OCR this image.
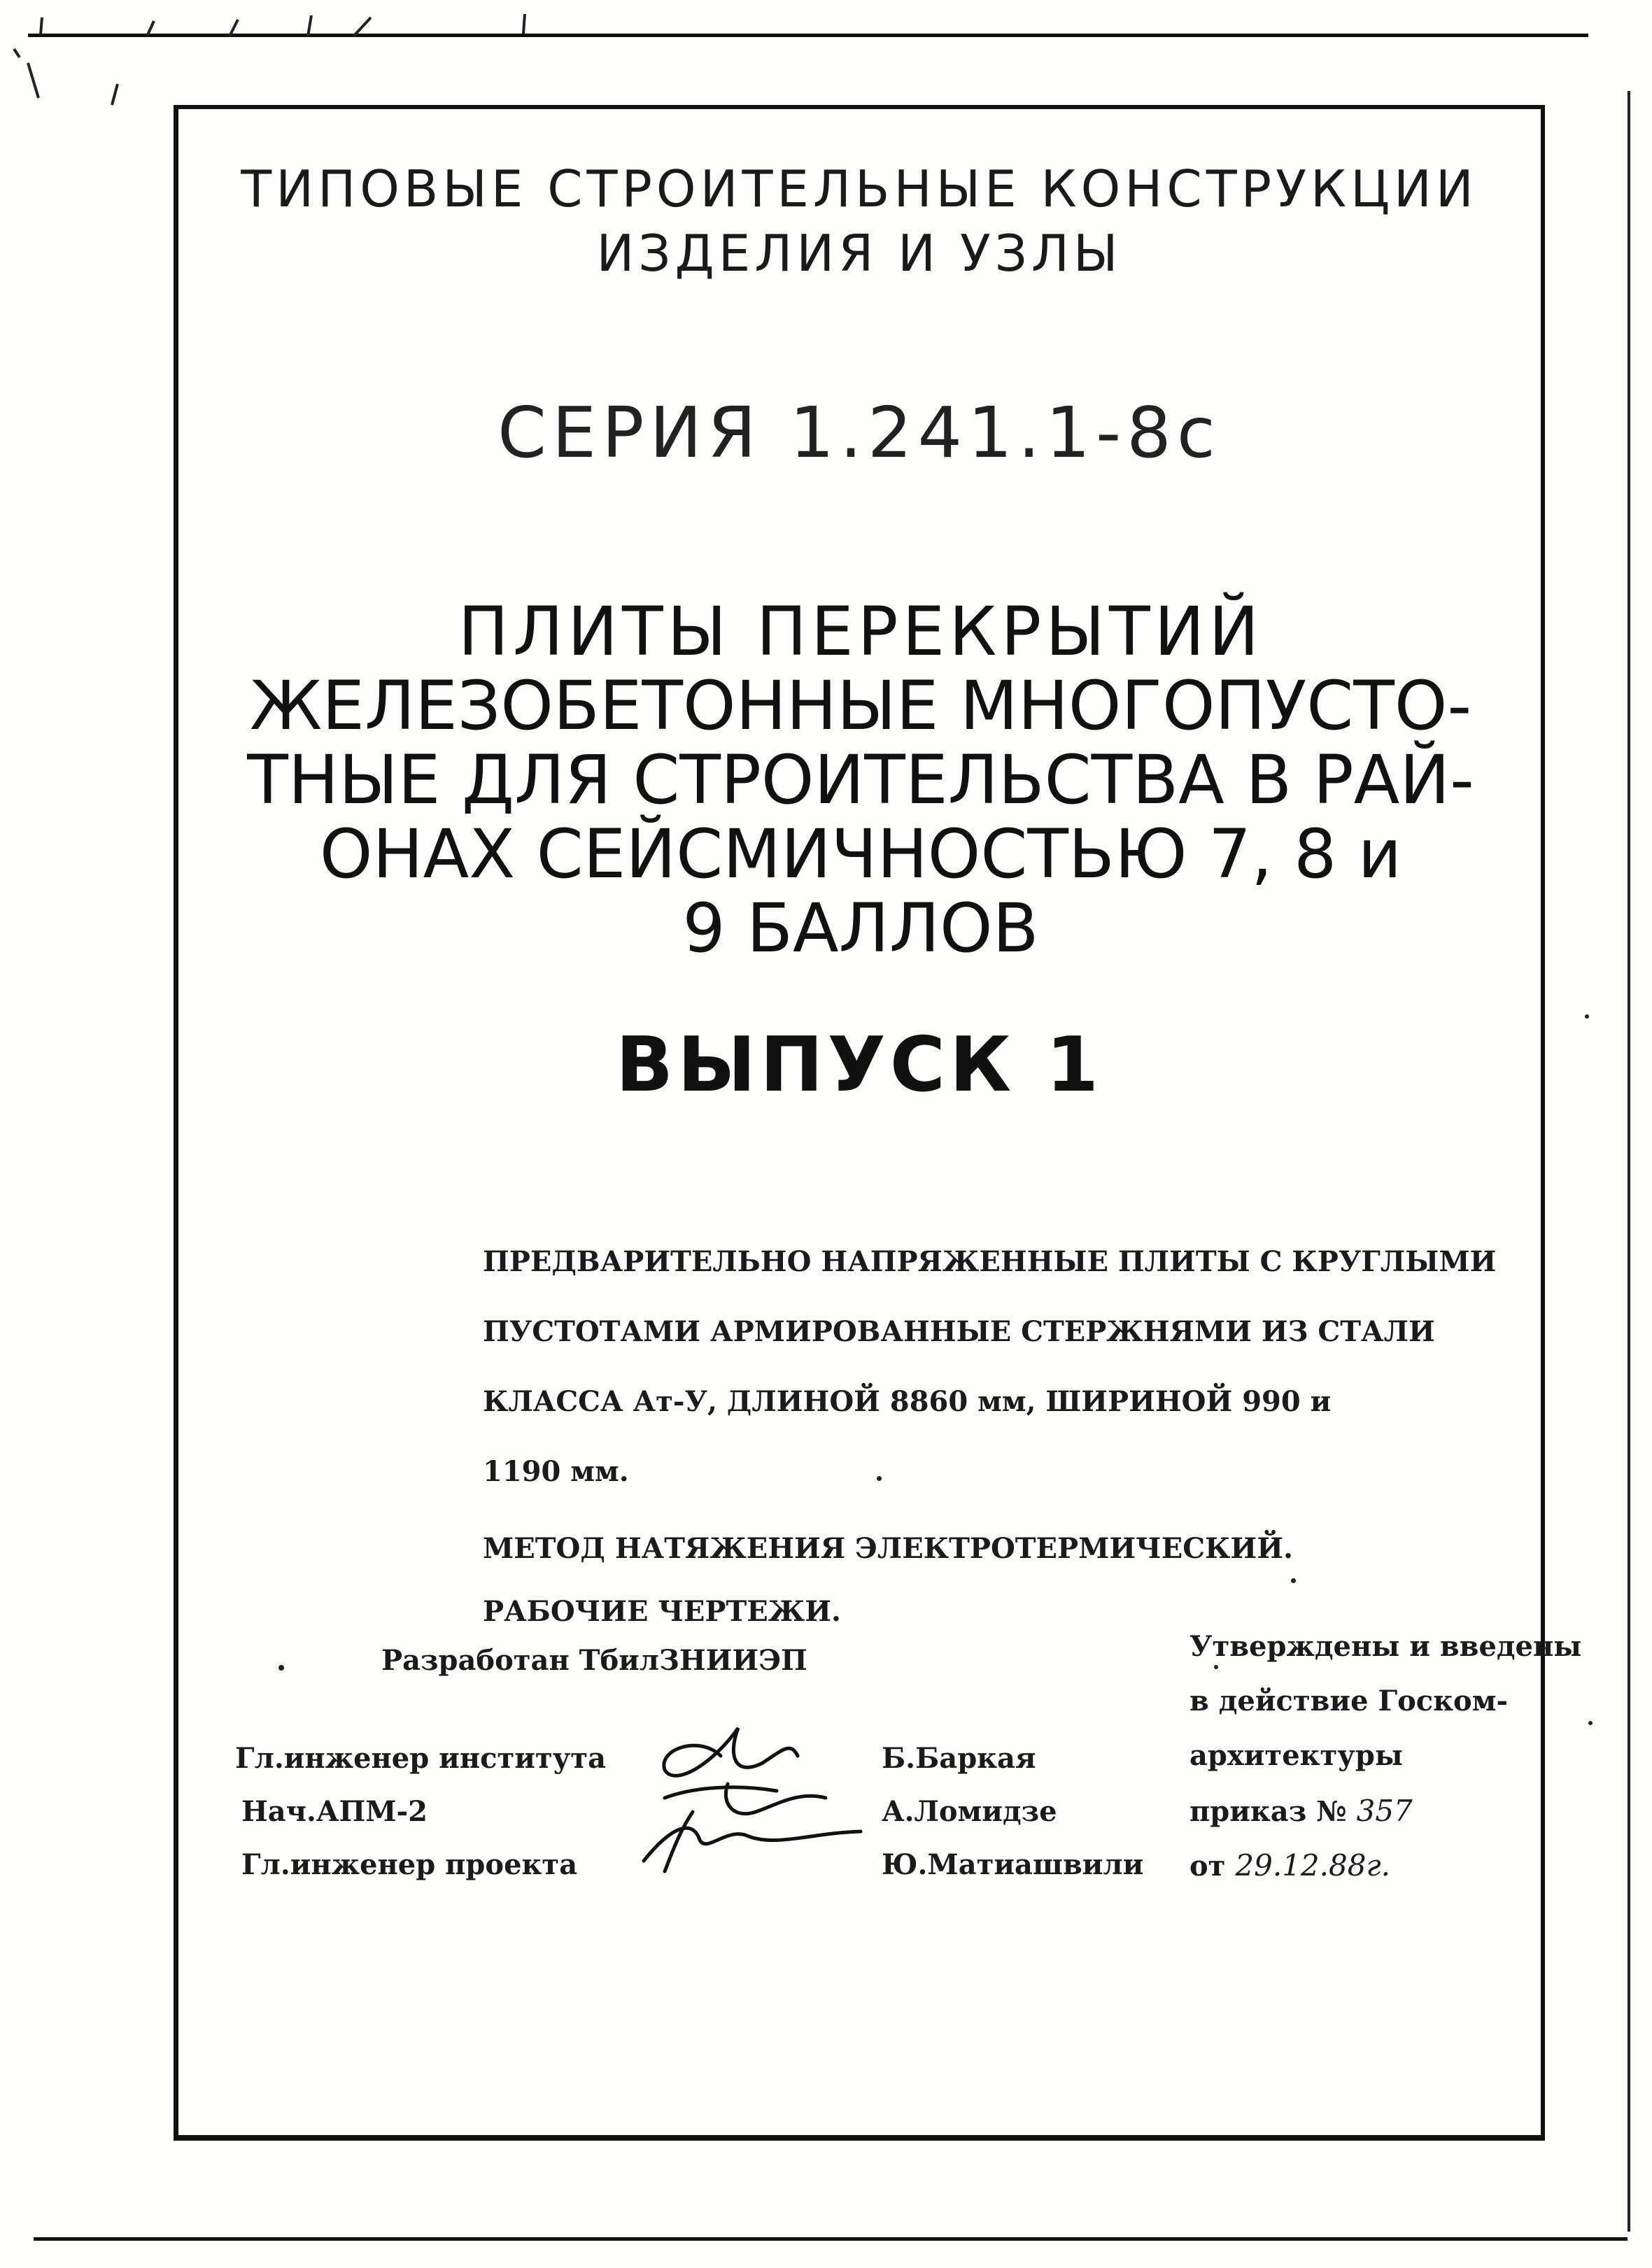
ТИПОВЫЕ СТРОИТЕЛЬНЫЕ КОНСТРУКЦИИ
ИЗДЕЛИЯ И УЗЛЫ
СЕРИЯ 1.241.1-8с
ПЛИТЫ ПЕРЕКРЫТИЙ
ЖЕЛЕЗОБЕТОННЫЕ МНОГОПУСТО-
ТНЫЕ ДЛЯ СТРОИТЕЛЬСТВА В РАЙ-
ОНАХ СЕЙСМИЧНОСТЬЮ 7, 8 и
9 БАЛЛОВ
ВЫПУСК 1
ПРЕДВАРИТЕЛЬНО НАПРЯЖЕННЫЕ ПЛИТЫ С КРУГЛЫМИ
ПУСТОТАМИ АРМИРОВАННЫЕ СТЕРЖНЯМИ ИЗ СТАЛИ
КЛАССА Ат-У, ДЛИНОЙ 8860 мм, ШИРИНОЙ 990 и
1190 мм.
МЕТОД НАТЯЖЕНИЯ ЭЛЕКТРОТЕРМИЧЕСКИЙ.
РАБОЧИЕ ЧЕРТЕЖИ.
Разработан ТбилЗНИИЭП
Гл.инженер института
Нач.АПМ-2
Гл.инженер проекта
Б.Баркая
А.Ломидзе
Ю.Матиашвили
Утверждены и введены
в действие Госком-
архитектуры
приказ № 357
от 29.12.88г.
